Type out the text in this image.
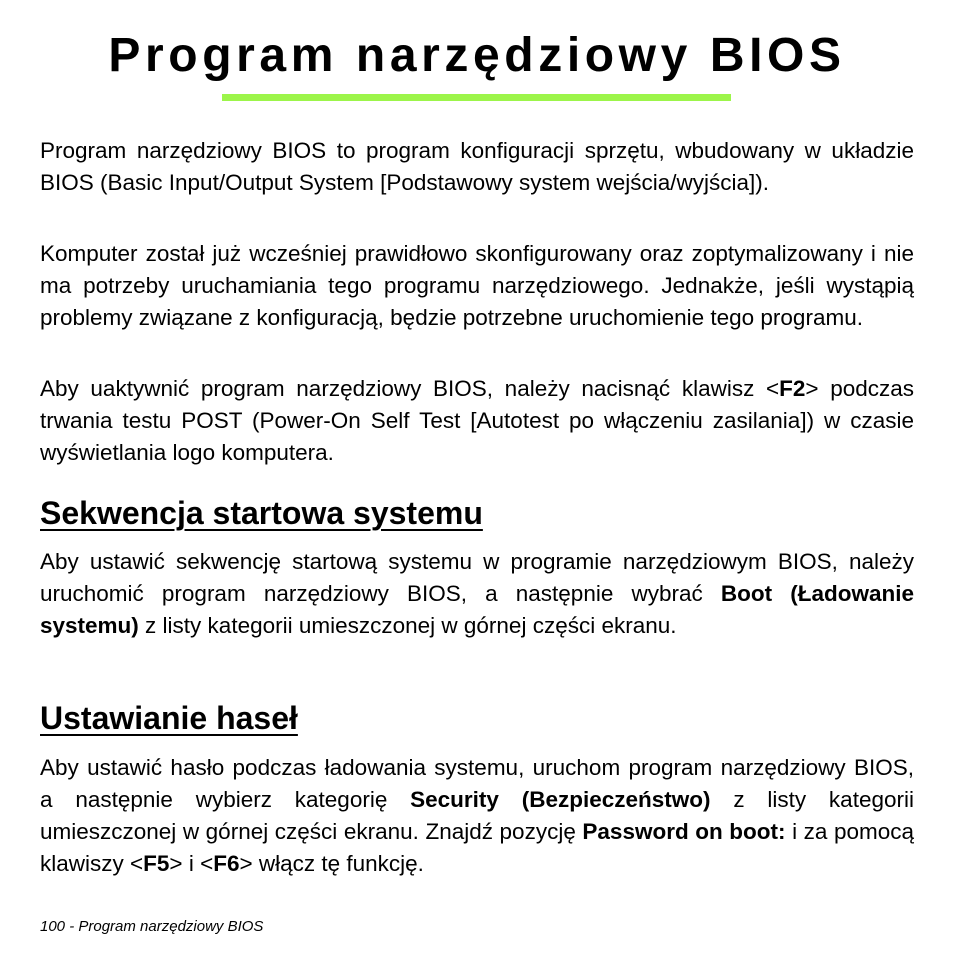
Program narzędziowy BIOS

Program narzędziowy BIOS to program konfiguracji sprzętu, wbudowany w układzie BIOS (Basic Input/Output System [Podstawowy system wejścia/wyjścia]).

Komputer został już wcześniej prawidłowo skonfigurowany oraz zoptymalizowany i nie ma potrzeby uruchamiania tego programu narzędziowego. Jednakże, jeśli wystąpią problemy związane z konfiguracją, będzie potrzebne uruchomienie tego programu.

Aby uaktywnić program narzędziowy BIOS, należy nacisnąć klawisz <F2> podczas trwania testu POST (Power-On Self Test [Autotest po włączeniu zasilania]) w czasie wyświetlania logo komputera.

Sekwencja startowa systemu

Aby ustawić sekwencję startową systemu w programie narzędziowym BIOS, należy uruchomić program narzędziowy BIOS, a następnie wybrać Boot (Ładowanie systemu) z listy kategorii umieszczonej w górnej części ekranu.

Ustawianie haseł

Aby ustawić hasło podczas ładowania systemu, uruchom program narzędziowy BIOS, a następnie wybierz kategorię Security (Bezpieczeństwo) z listy kategorii umieszczonej w górnej części ekranu. Znajdź pozycję Password on boot: i za pomocą klawiszy <F5> i <F6> włącz tę funkcję.

100 - Program narzędziowy BIOS
